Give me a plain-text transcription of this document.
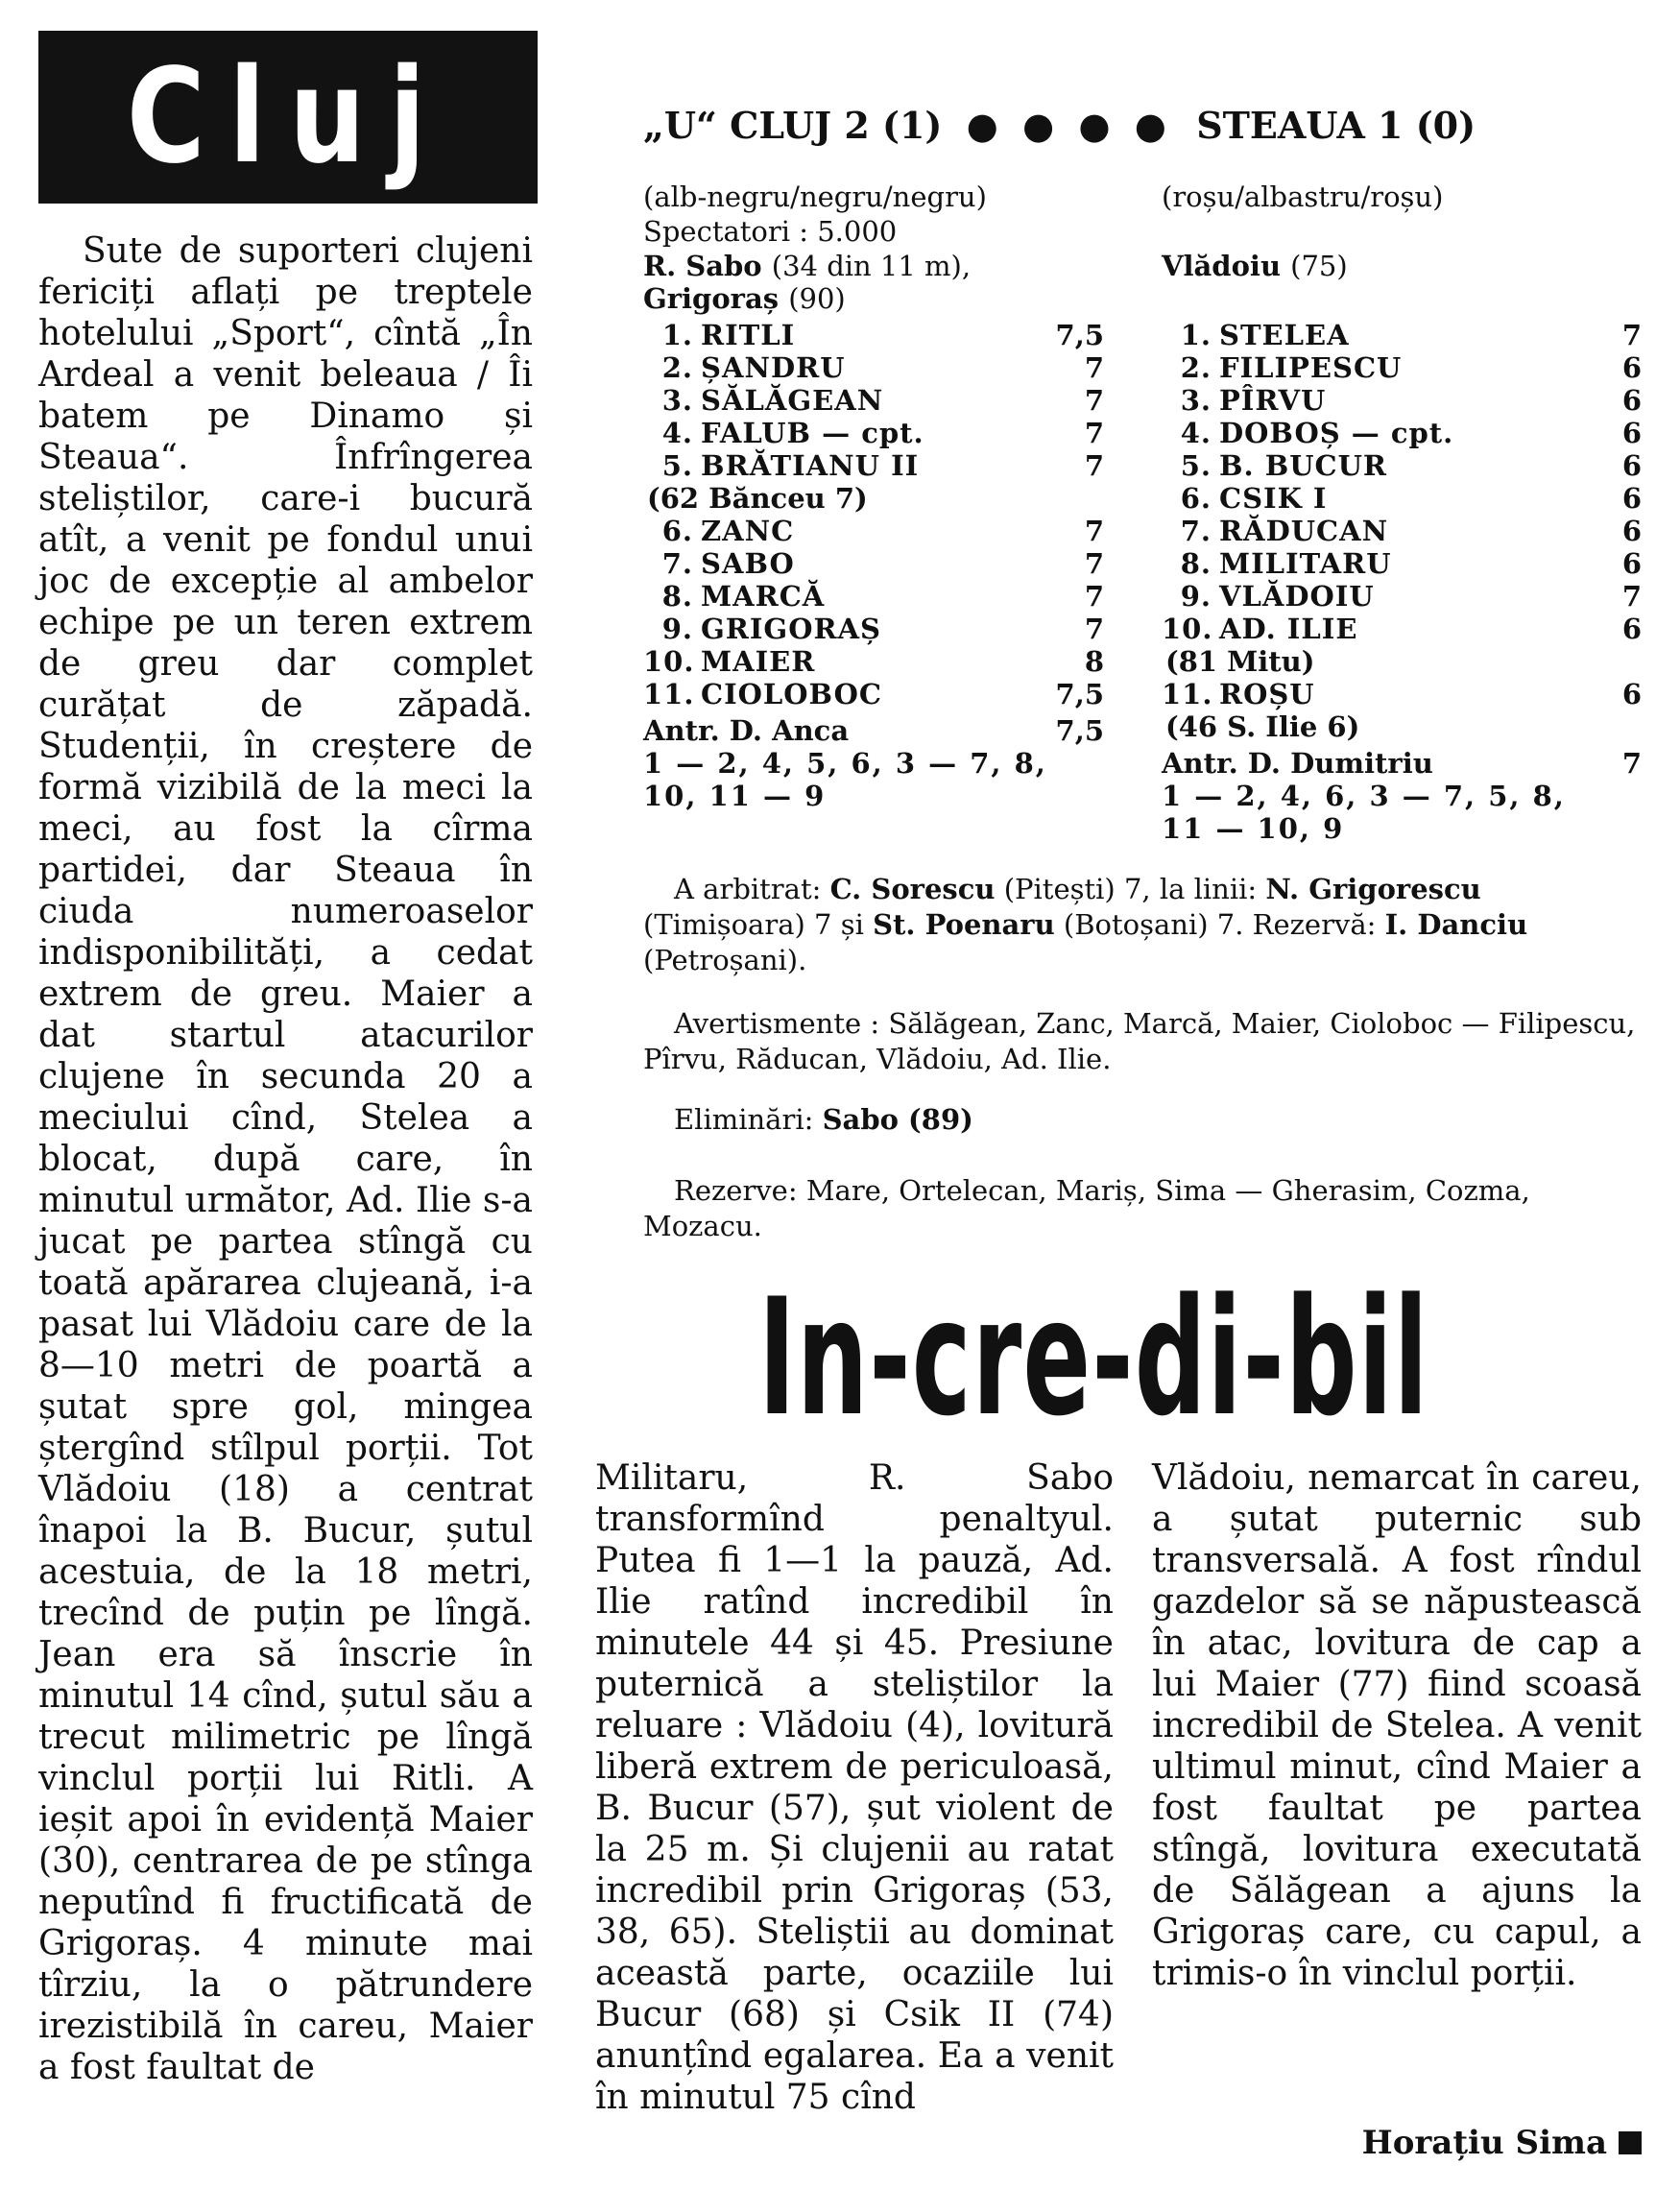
Cluj

Sute de suporteri clujeni fericiți aflați pe treptele hotelului „Sport“, cîntă „În Ardeal a venit beleaua / Îi batem pe Dinamo și Steaua“. Înfrîngerea steliștilor, care-i bucură atît, a venit pe fondul unui joc de excepție al ambelor echipe pe un teren extrem de greu dar complet curățat de zăpadă. Studenții, în creștere de formă vizibilă de la meci la meci, au fost la cîrma partidei, dar Steaua în ciuda numeroaselor indisponibilități, a cedat extrem de greu. Maier a dat startul atacurilor clujene în secunda 20 a meciului cînd, Stelea a blocat, după care, în minutul următor, Ad. Ilie s-a jucat pe partea stîngă cu toată apărarea clujeană, i-a pasat lui Vlădoiu care de la 8—10 metri de poartă a șutat spre gol, mingea ștergînd stîlpul porții. Tot Vlădoiu (18) a centrat înapoi la B. Bucur, șutul acestuia, de la 18 metri, trecînd de puțin pe lîngă. Jean era să înscrie în minutul 14 cînd, șutul său a trecut milimetric pe lîngă vinclul porții lui Ritli. A ieșit apoi în evidență Maier (30), centrarea de pe stînga neputînd fi fructificată de Grigoraș. 4 minute mai tîrziu, la o pătrundere irezistibilă în careu, Maier a fost faultat de

„U“ CLUJ 2 (1) ● ● ● ● STEAUA 1 (0)
(alb-negru/negru/negru)
Spectatori : 5.000
R. Sabo (34 din 11 m),
Grigoraș (90)
1. RITLI	7,5
2. ȘANDRU	7
3. SĂLĂGEAN	7
4. FALUB — cpt.	7
5. BRĂTIANU II	7
(62 Bănceu 7)
6. ZANC	7
7. SABO	7
8. MARCĂ	7
9. GRIGORAȘ	7
10. MAIER	8
11. CIOLOBOC	7,5
Antr. D. Anca	7,5
1 — 2, 4, 5, 6, 3 — 7, 8,
10, 11 — 9
(roșu/albastru/roșu)
Vlădoiu (75)
1. STELEA	7
2. FILIPESCU	6
3. PÎRVU	6
4. DOBOȘ — cpt.	6
5. B. BUCUR	6
6. CSIK I	6
7. RĂDUCAN	6
8. MILITARU	6
9. VLĂDOIU	7
10. AD. ILIE	6
(81 Mitu)
11. ROȘU	6
(46 S. Ilie 6)
Antr. D. Dumitriu	7
1 — 2, 4, 6, 3 — 7, 5, 8,
11 — 10, 9

A arbitrat: C. Sorescu (Pitești) 7, la linii: N. Grigorescu (Timișoara) 7 și St. Poenaru (Botoșani) 7. Rezervă: I. Danciu (Petroșani).

Avertismente : Sălăgean, Zanc, Marcă, Maier, Cioloboc — Filipescu, Pîrvu, Răducan, Vlădoiu, Ad. Ilie.

Eliminări: Sabo (89)

Rezerve: Mare, Ortelecan, Mariș, Sima — Gherasim, Cozma, Mozacu.

In-cre-di-bil

Militaru, R. Sabo transformînd penaltyul. Putea fi 1—1 la pauză, Ad. Ilie ratînd incredibil în minutele 44 și 45. Presiune puternică a steliștilor la reluare : Vlădoiu (4), lovitură liberă extrem de periculoasă, B. Bucur (57), șut violent de la 25 m. Și clujenii au ratat incredibil prin Grigoraș (53, 38, 65). Steliștii au dominat această parte, ocaziile lui Bucur (68) și Csik II (74) anunțînd egalarea. Ea a venit în minutul 75 cînd

Vlădoiu, nemarcat în careu, a șutat puternic sub transversală. A fost rîndul gazdelor să se năpustească în atac, lovitura de cap a lui Maier (77) fiind scoasă incredibil de Stelea. A venit ultimul minut, cînd Maier a fost faultat pe partea stîngă, lovitura executată de Sălăgean a ajuns la Grigoraș care, cu capul, a trimis-o în vinclul porții.

Horațiu Sima
